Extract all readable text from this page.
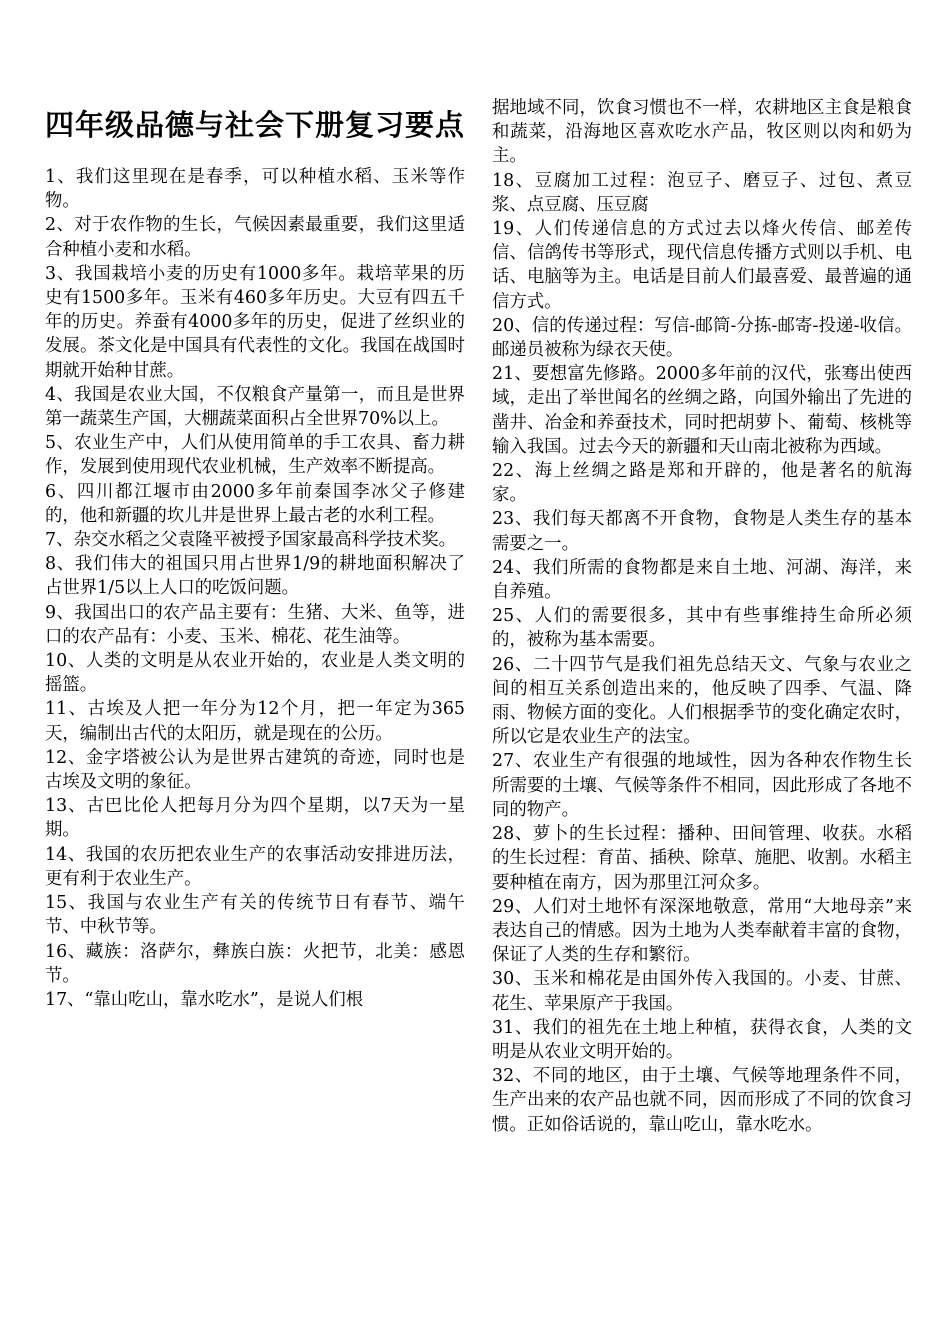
四年级品德与社会下册复习要点

1、我们这里现在是春季，可以种植水稻、玉米等作物。

2、对于农作物的生长，气候因素最重要，我们这里适合种植小麦和水稻。

3、我国栽培小麦的历史有1000多年。栽培苹果的历史有1500多年。玉米有460多年历史。大豆有四五千年的历史。养蚕有4000多年的历史，促进了丝织业的发展。茶文化是中国具有代表性的文化。我国在战国时期就开始种甘蔗。

4、我国是农业大国，不仅粮食产量第一，而且是世界第一蔬菜生产国，大棚蔬菜面积占全世界70%以上。

5、农业生产中，人们从使用简单的手工农具、畜力耕作，发展到使用现代农业机械，生产效率不断提高。

6、四川都江堰市由2000多年前秦国李冰父子修建的，他和新疆的坎儿井是世界上最古老的水利工程。

7、杂交水稻之父袁隆平被授予国家最高科学技术奖。

8、我们伟大的祖国只用占世界1/9的耕地面积解决了占世界1/5以上人口的吃饭问题。

9、我国出口的农产品主要有：生猪、大米、鱼等，进口的农产品有：小麦、玉米、棉花、花生油等。

10、人类的文明是从农业开始的，农业是人类文明的摇篮。

11、古埃及人把一年分为12个月，把一年定为365天，编制出古代的太阳历，就是现在的公历。

12、金字塔被公认为是世界古建筑的奇迹，同时也是古埃及文明的象征。

13、古巴比伦人把每月分为四个星期，以7天为一星期。

14、我国的农历把农业生产的农事活动安排进历法，更有利于农业生产。

15、我国与农业生产有关的传统节日有春节、端午节、中秋节等。

16、藏族：洛萨尔，彝族白族：火把节，北美：感恩节。

17、“靠山吃山，靠水吃水”，是说人们根

据地域不同，饮食习惯也不一样，农耕地区主食是粮食和蔬菜，沿海地区喜欢吃水产品，牧区则以肉和奶为主。

18、豆腐加工过程：泡豆子、磨豆子、过包、煮豆浆、点豆腐、压豆腐

19、人们传递信息的方式过去以烽火传信、邮差传信、信鸽传书等形式，现代信息传播方式则以手机、电话、电脑等为主。电话是目前人们最喜爱、最普遍的通信方式。

20、信的传递过程：写信-邮筒-分拣-邮寄-投递-收信。邮递员被称为绿衣天使。

21、要想富先修路。2000多年前的汉代，张骞出使西域，走出了举世闻名的丝绸之路，向国外输出了先进的凿井、冶金和养蚕技术，同时把胡萝卜、葡萄、核桃等输入我国。过去今天的新疆和天山南北被称为西域。

22、海上丝绸之路是郑和开辟的，他是著名的航海家。

23、我们每天都离不开食物，食物是人类生存的基本需要之一。

24、我们所需的食物都是来自土地、河湖、海洋，来自养殖。

25、人们的需要很多，其中有些事维持生命所必须的，被称为基本需要。

26、二十四节气是我们祖先总结天文、气象与农业之间的相互关系创造出来的，他反映了四季、气温、降雨、物候方面的变化。人们根据季节的变化确定农时，所以它是农业生产的法宝。

27、农业生产有很强的地域性，因为各种农作物生长所需要的土壤、气候等条件不相同，因此形成了各地不同的物产。

28、萝卜的生长过程：播种、田间管理、收获。水稻的生长过程：育苗、插秧、除草、施肥、收割。水稻主要种植在南方，因为那里江河众多。

29、人们对土地怀有深深地敬意，常用“大地母亲”来表达自己的情感。因为土地为人类奉献着丰富的食物，保证了人类的生存和繁衍。

30、玉米和棉花是由国外传入我国的。小麦、甘蔗、花生、苹果原产于我国。

31、我们的祖先在土地上种植，获得衣食，人类的文明是从农业文明开始的。

32、不同的地区，由于土壤、气候等地理条件不同，生产出来的农产品也就不同，因而形成了不同的饮食习惯。正如俗话说的，靠山吃山，靠水吃水。
